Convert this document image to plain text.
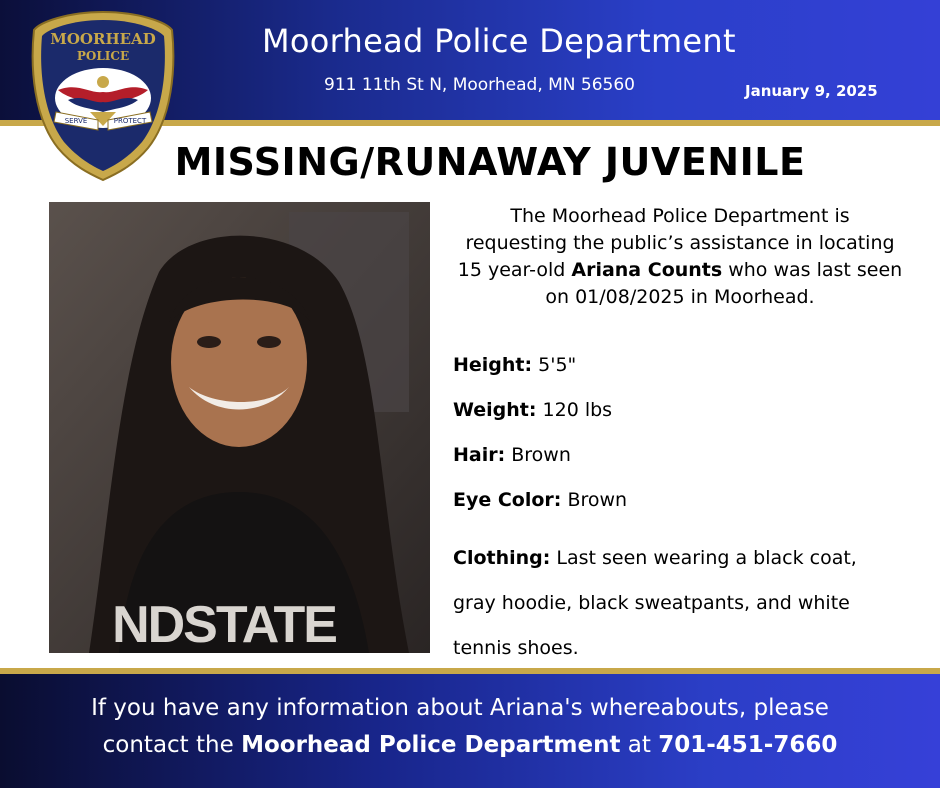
MOORHEAD
POLICE
SERVE	PROTECT
Moorhead Police Department
911 11th St N, Moorhead, MN 56560	January 9, 2025
MISSING/RUNAWAY JUVENILE
NDSTATE
The Moorhead Police Department is
requesting the public’s assistance in locating
15 year-old Ariana Counts who was last seen
on 01/08/2025 in Moorhead.
Height: 5'5"
Weight: 120 lbs
Hair: Brown
Eye Color: Brown
Clothing: Last seen wearing a black coat,
gray hoodie, black sweatpants, and white
tennis shoes.
If you have any information about Ariana's whereabouts, please
contact the Moorhead Police Department at 701-451-7660
